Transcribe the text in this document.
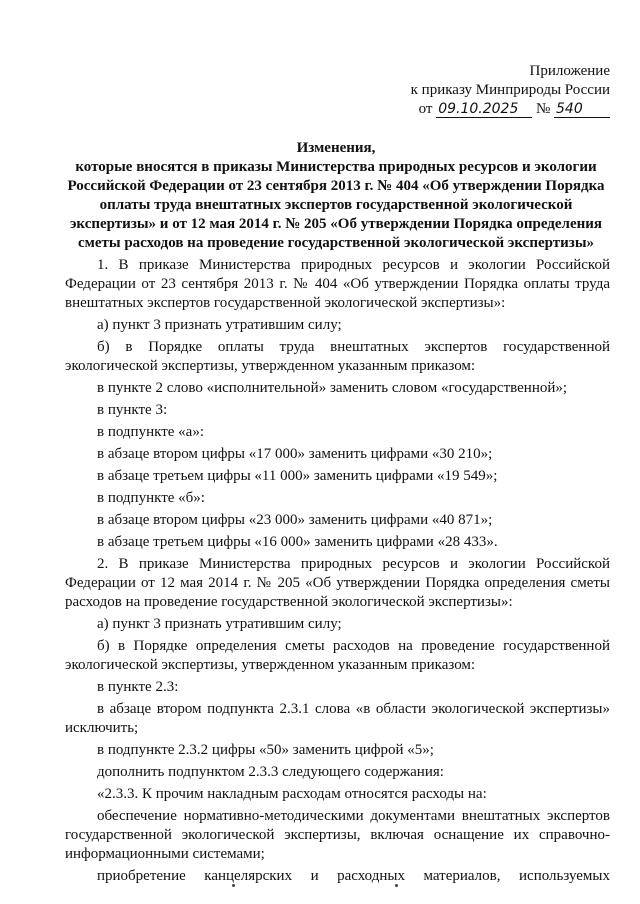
Приложение
к приказу Минприроды России
от 09.10.2025 № 540
Изменения,
которые вносятся в приказы Министерства природных ресурсов и экологии
Российской Федерации от 23 сентября 2013 г. № 404 «Об утверждении Порядка
оплаты труда внештатных экспертов государственной экологической
экспертизы» и от 12 мая 2014 г. № 205 «Об утверждении Порядка определения
сметы расходов на проведение государственной экологической экспертизы»
1. В приказе Министерства природных ресурсов и экологии Российской
Федерации от 23 сентября 2013 г. № 404 «Об утверждении Порядка оплаты труда
внештатных экспертов государственной экологической экспертизы»:
а) пункт 3 признать утратившим силу;
б) в Порядке оплаты труда внештатных экспертов государственной
экологической экспертизы, утвержденном указанным приказом:
в пункте 2 слово «исполнительной» заменить словом «государственной»;
в пункте 3:
в подпункте «а»:
в абзаце втором цифры «17 000» заменить цифрами «30 210»;
в абзаце третьем цифры «11 000» заменить цифрами «19 549»;
в подпункте «б»:
в абзаце втором цифры «23 000» заменить цифрами «40 871»;
в абзаце третьем цифры «16 000» заменить цифрами «28 433».
2. В приказе Министерства природных ресурсов и экологии Российской
Федерации от 12 мая 2014 г. № 205 «Об утверждении Порядка определения сметы
расходов на проведение государственной экологической экспертизы»:
а) пункт 3 признать утратившим силу;
б) в Порядке определения сметы расходов на проведение государственной
экологической экспертизы, утвержденном указанным приказом:
в пункте 2.3:
в абзаце втором подпункта 2.3.1 слова «в области экологической экспертизы»
исключить;
в подпункте 2.3.2 цифры «50» заменить цифрой «5»;
дополнить подпунктом 2.3.3 следующего содержания:
«2.3.3. К прочим накладным расходам относятся расходы на:
обеспечение нормативно-методическими документами внештатных экспертов
государственной экологической экспертизы, включая оснащение их справочно-
информационными системами;
приобретение канцелярских и расходных материалов, используемых
